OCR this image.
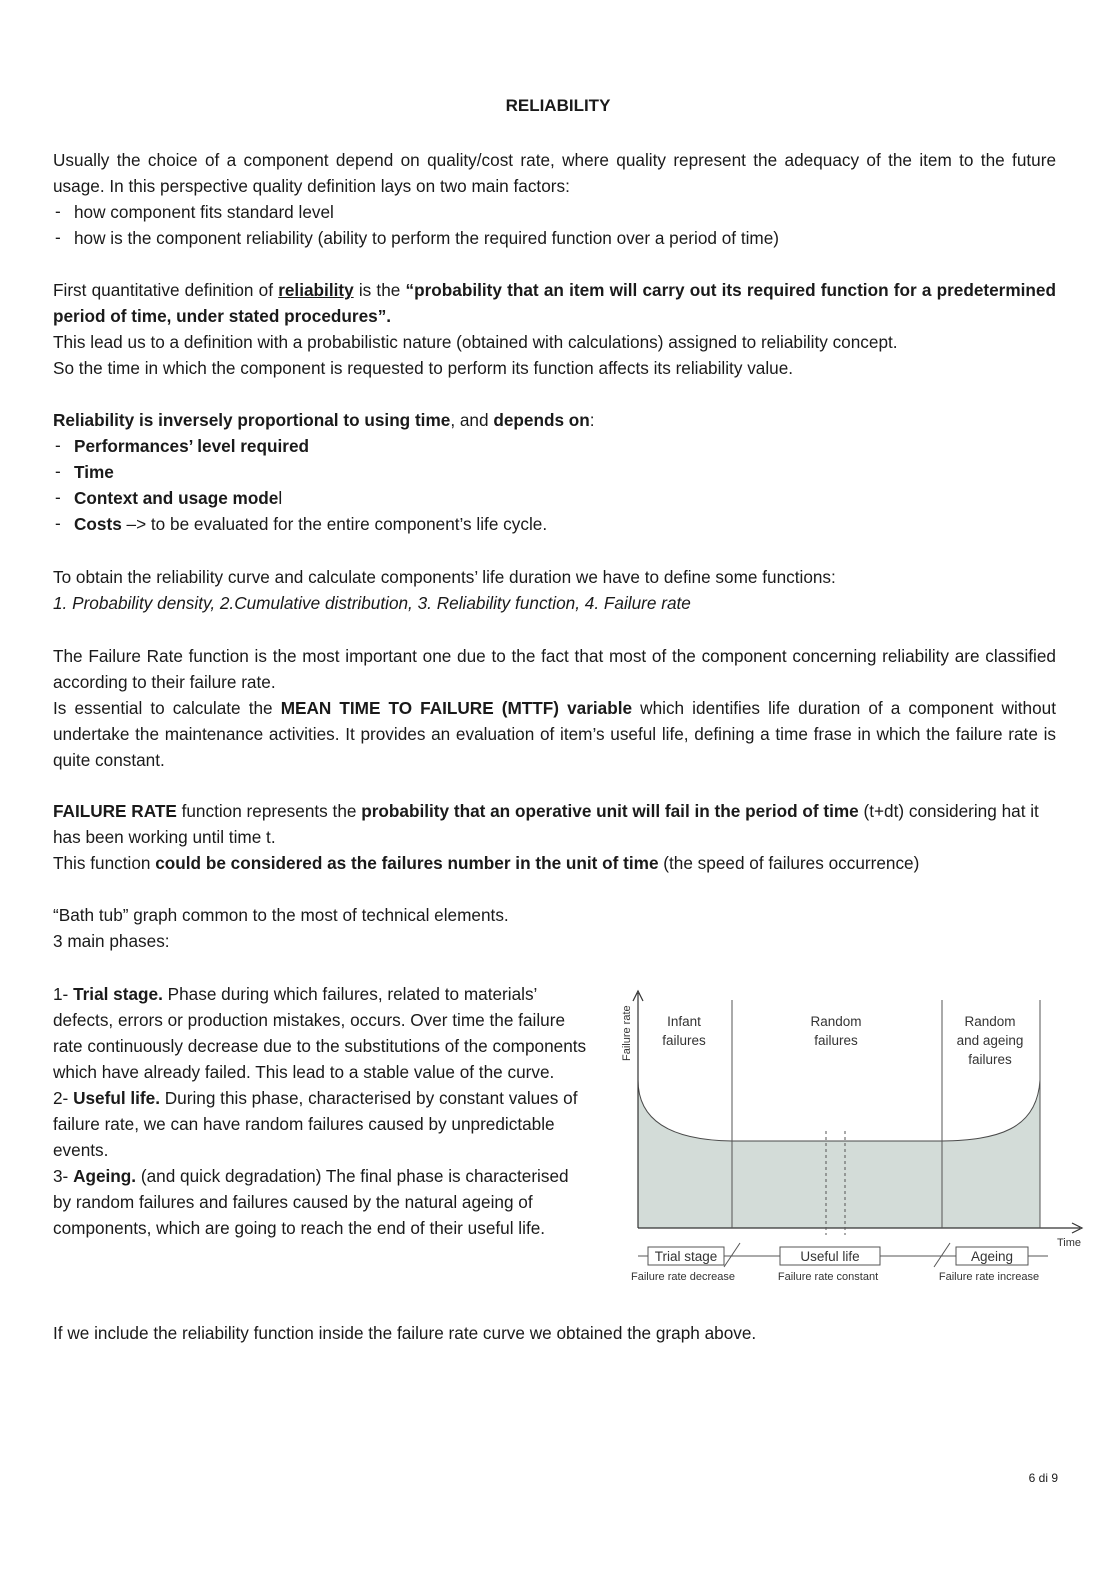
RELIABILITY
Usually the choice of a component depend on quality/cost rate, where quality represent the adequacy of the item to the future usage. In this perspective quality definition lays on two main factors:
- how component fits standard level
- how is the component reliability (ability to perform the required function over a period of time)
First quantitative definition of reliability is the “probability that an item will carry out its required function for a predetermined period of time, under stated procedures”.
This lead us to a definition with a probabilistic nature (obtained with calculations) assigned to reliability concept.
So the time in which the component is requested to perform its function affects its reliability value.
Reliability is inversely proportional to using time, and depends on:
- Performances’ level required
- Time
- Context and usage model
- Costs –> to be evaluated for the entire component’s life cycle.
To obtain the reliability curve and calculate components’ life duration we have to define some functions:
1. Probability density, 2.Cumulative distribution, 3. Reliability function, 4. Failure rate
The Failure Rate function is the most important one due to the fact that most of the component concerning reliability are classified according to their failure rate.
Is essential to calculate the MEAN TIME TO FAILURE (MTTF) variable which identifies life duration of a component without undertake the maintenance activities. It provides an evaluation of item’s useful life, defining a time frase in which the failure rate is quite constant.
FAILURE RATE function represents the probability that an operative unit will fail in the period of time (t+dt) considering hat it has been working until time t.
This function could be considered as the failures number in the unit of time (the speed of failures occurrence)
“Bath tub” graph common to the most of technical elements.
3 main phases:
1- Trial stage. Phase during which failures, related to materials’ defects, errors or production mistakes, occurs. Over time the failure rate continuously decrease due to the substitutions of the components which have already failed. This lead to a stable value of the curve.
2- Useful life. During this phase, characterised by constant values of failure rate, we can have random failures caused by unpredictable events.
3- Ageing. (and quick degradation) The final phase is characterised by random failures and failures caused by the natural ageing of components, which are going to reach the end of their useful life.
Failure rate
Time
Infant
failures
Random
failures
Random
and ageing
failures
Trial stage	Useful life	Ageing
Failure rate decrease	Failure rate constant	Failure rate increase
If we include the reliability function inside the failure rate curve we obtained the graph above.
6 di 9
